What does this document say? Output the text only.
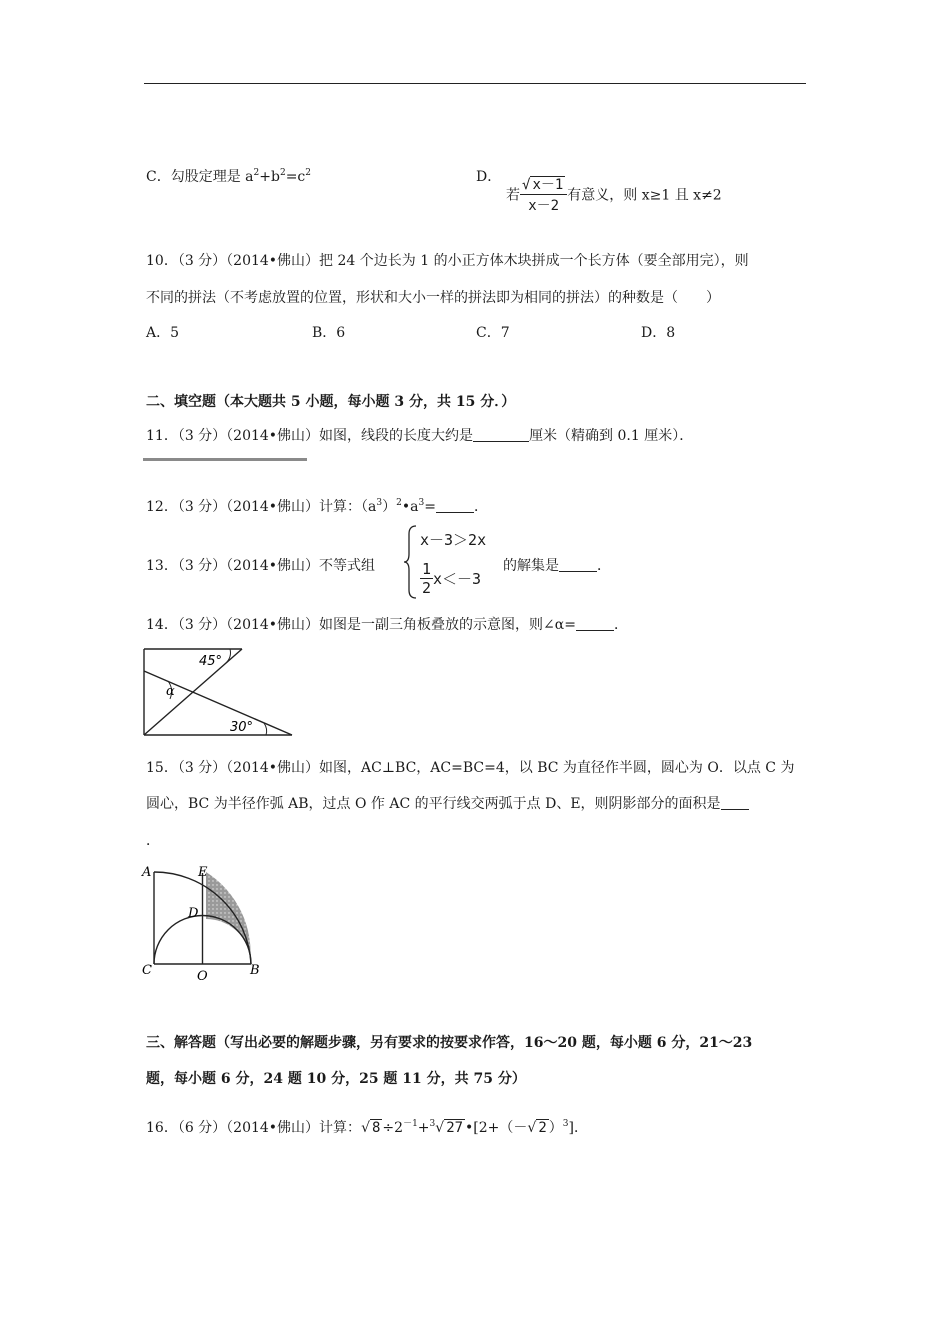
C．勾股定理是 $a^2+b^2=c^2$	D．
若 $\frac{√ x-1}{x-2}$ 有意义，则 x≥1 且 x≠2
10．（3 分）（2014•佛山）把 24 个边长为 1 的小正方体木块拼成一个长方体（要全部用完），则
不同的拼法（不考虑放置的位置，形状和大小一样的拼法即为相同的拼法）的种数是（　　）
A．5	B．6	C．7	D．8
二、填空题（本大题共 5 小题，每小题 3 分，共 15 分．）
11．（3 分）（2014•佛山）如图，线段的长度大约是	厘米（精确到 0.1 厘米）．
12．（3 分）（2014•佛山）计算：$(a^3)^2•a^3=$	．
13．（3 分）（2014•佛山）不等式组
x－3＞2x
$\frac{1}{2} x<-3$
的解集是	．
14．（3 分）（2014•佛山）如图是一副三角板叠放的示意图，则∠α=	．
45°
α
30°
15．（3 分）（2014•佛山）如图，AC⊥BC，AC=BC=4，以 BC 为直径作半圆，圆心为 O．以点 C 为
圆心，BC 为半径作弧 AB，过点 O 作 AC 的平行线交两弧于点 D、E，则阴影部分的面积是
．
A	E
D
C	O	B
三、解答题（写出必要的解题步骤，另有要求的按要求作答，16～20 题，每小题 6 分，21～23
题，每小题 6 分，24 题 10 分，25 题 11 分，共 75 分）
16．（6 分）（2014•佛山）计算：√ $8 \div 2^{-1}+^3√$ 27 •[2+（－√ 2 ）$^3$]．
